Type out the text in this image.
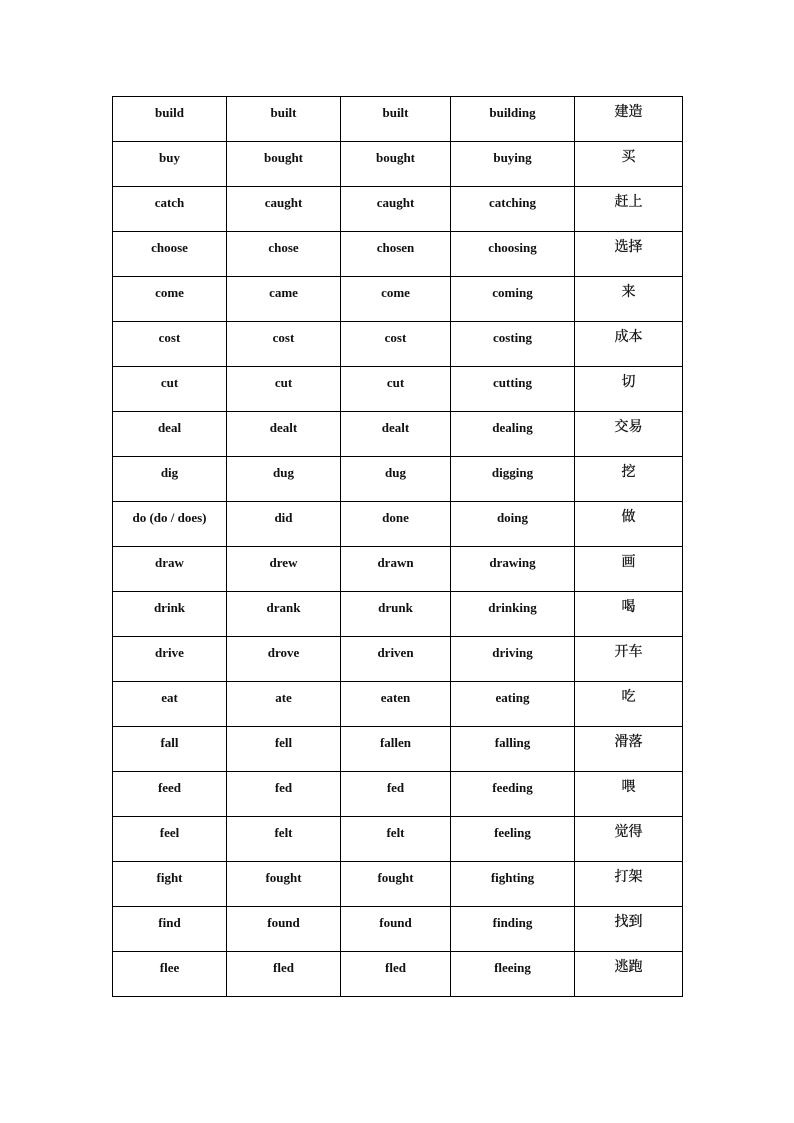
build	built	built	building	建造

buy	bought	bought	buying	买

catch	caught	caught	catching	赶上

choose	chose	chosen	choosing	选择

come	came	come	coming	来

cost	cost	cost	costing	成本

cut	cut	cut	cutting	切

deal	dealt	dealt	dealing	交易

dig	dug	dug	digging	挖

do (do / does)	did	done	doing	做

draw	drew	drawn	drawing	画

drink	drank	drunk	drinking	喝

drive	drove	driven	driving	开车

eat	ate	eaten	eating	吃

fall	fell	fallen	falling	滑落

feed	fed	fed	feeding	喂

feel	felt	felt	feeling	觉得

fight	fought	fought	fighting	打架

find	found	found	finding	找到

flee	fled	fled	fleeing	逃跑
